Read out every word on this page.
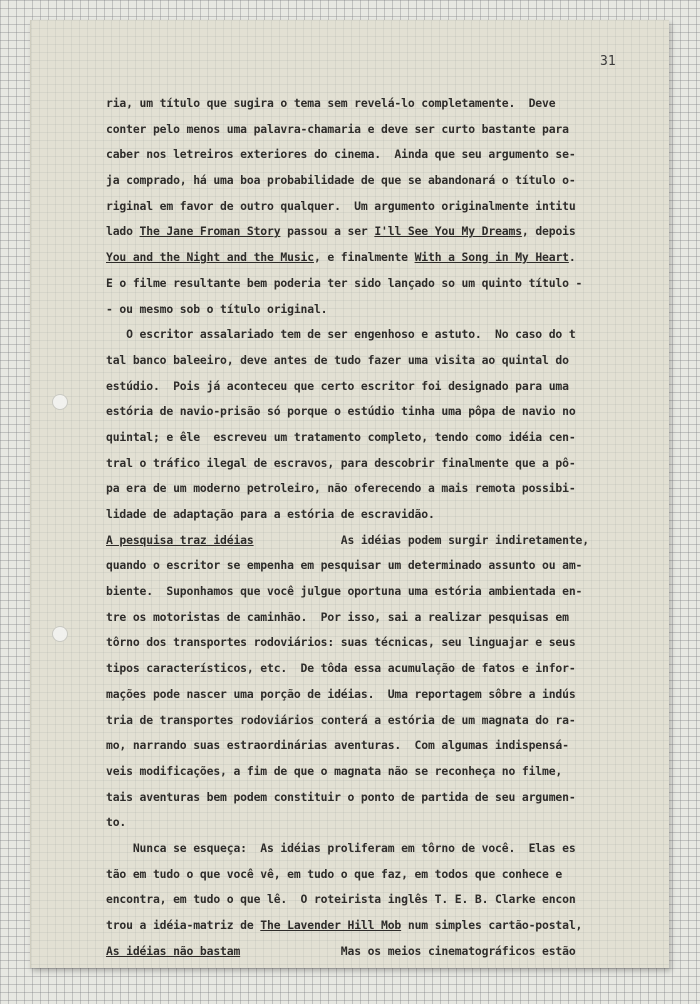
31
ria, um título que sugira o tema sem revelá-lo completamente.  Deve
conter pelo menos uma palavra-chamaria e deve ser curto bastante para
caber nos letreiros exteriores do cinema.  Ainda que seu argumento se-
ja comprado, há uma boa probabilidade de que se abandonará o título o-
riginal em favor de outro qualquer.  Um argumento originalmente intitu
lado The Jane Froman Story passou a ser I'll See You My Dreams, depois
You and the Night and the Music, e finalmente With a Song in My Heart.
E o filme resultante bem poderia ter sido lançado so um quinto título -
- ou mesmo sob o título original.
O escritor assalariado tem de ser engenhoso e astuto.  No caso do t
tal banco baleeiro, deve antes de tudo fazer uma visita ao quintal do
estúdio.  Pois já aconteceu que certo escritor foi designado para uma
estória de navio-prisão só porque o estúdio tinha uma pôpa de navio no
quintal; e êle  escreveu um tratamento completo, tendo como idéia cen-
tral o tráfico ilegal de escravos, para descobrir finalmente que a pô-
pa era de um moderno petroleiro, não oferecendo a mais remota possibi-
lidade de adaptação para a estória de escravidão.
A pesquisa traz idéias             As idéias podem surgir indiretamente,
quando o escritor se empenha em pesquisar um determinado assunto ou am-
biente.  Suponhamos que você julgue oportuna uma estória ambientada en-
tre os motoristas de caminhão.  Por isso, sai a realizar pesquisas em
tôrno dos transportes rodoviários: suas técnicas, seu linguajar e seus
tipos característicos, etc.  De tôda essa acumulação de fatos e infor-
mações pode nascer uma porção de idéias.  Uma reportagem sôbre a indús
tria de transportes rodoviários conterá a estória de um magnata do ra-
mo, narrando suas estraordinárias aventuras.  Com algumas indispensá-
veis modificações, a fim de que o magnata não se reconheça no filme,
tais aventuras bem podem constituir o ponto de partida de seu argumen-
to.
Nunca se esqueça:  As idéias proliferam em tôrno de você.  Elas es
tão em tudo o que você vê, em tudo o que faz, em todos que conhece e
encontra, em tudo o que lê.  O roteirista inglês T. E. B. Clarke encon
trou a idéia-matriz de The Lavender Hill Mob num simples cartão-postal,
As idéias não bastam               Mas os meios cinematográficos estão
